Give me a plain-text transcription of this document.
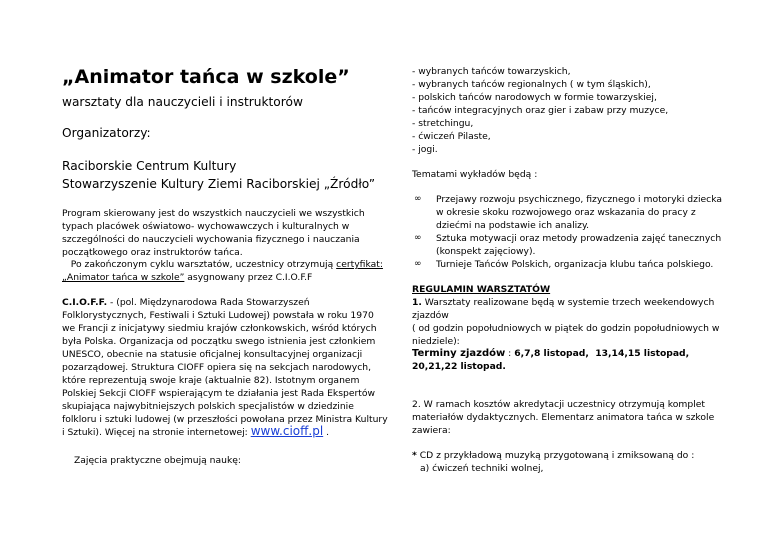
„Animator tańca w szkole”
warsztaty dla nauczycieli i instruktorów
Organizatorzy:
Raciborskie Centrum Kultury
Stowarzyszenie Kultury Ziemi Raciborskiej „Źródło”
Program skierowany jest do wszystkich nauczycieli we wszystkich
typach placówek oświatowo- wychowawczych i kulturalnych w
szczególności do nauczycieli wychowania fizycznego i nauczania
początkowego oraz instruktorów tańca.
Po zakończonym cyklu warsztatów, uczestnicy otrzymują certyfikat:
„Animator tańca w szkole” asygnowany przez C.I.O.F.F
C.I.O.F.F. - (pol. Międzynarodowa Rada Stowarzyszeń
Folklorystycznych, Festiwali i Sztuki Ludowej) powstała w roku 1970
we Francji z inicjatywy siedmiu krajów członkowskich, wśród których
była Polska. Organizacja od początku swego istnienia jest członkiem
UNESCO, obecnie na statusie oficjalnej konsultacyjnej organizacji
pozarządowej. Struktura CIOFF opiera się na sekcjach narodowych,
które reprezentują swoje kraje (aktualnie 82). Istotnym organem
Polskiej Sekcji CIOFF wspierającym te działania jest Rada Ekspertów
skupiająca najwybitniejszych polskich specjalistów w dziedzinie
folkloru i sztuki ludowej (w przeszłości powołana przez Ministra Kultury
i Sztuki). Więcej na stronie internetowej: www.cioff.pl .
Zajęcia praktyczne obejmują naukę:
- wybranych tańców towarzyskich,
- wybranych tańców regionalnych ( w tym śląskich),
- polskich tańców narodowych w formie towarzyskiej,
- tańców integracyjnych oraz gier i zabaw przy muzyce,
- stretchingu,
- ćwiczeń Pilaste,
- jogi.
Tematami wykładów będą :
∞ Przejawy rozwoju psychicznego, fizycznego i motoryki dziecka
w okresie skoku rozwojowego oraz wskazania do pracy z
dziećmi na podstawie ich analizy.
∞ Sztuka motywacji oraz metody prowadzenia zajęć tanecznych
(konspekt zajęciowy).
∞ Turnieje Tańców Polskich, organizacja klubu tańca polskiego.
REGULAMIN WARSZTATÓW
1. Warsztaty realizowane będą w systemie trzech weekendowych
zjazdów
( od godzin popołudniowych w piątek do godzin popołudniowych w
niedziele):
Terminy zjazdów : 6,7,8 listopad,  13,14,15 listopad,
20,21,22 listopad.
2. W ramach kosztów akredytacji uczestnicy otrzymują komplet
materiałów dydaktycznych. Elementarz animatora tańca w szkole
zawiera:
* CD z przykładową muzyką przygotowaną i zmiksowaną do :
a) ćwiczeń techniki wolnej,
